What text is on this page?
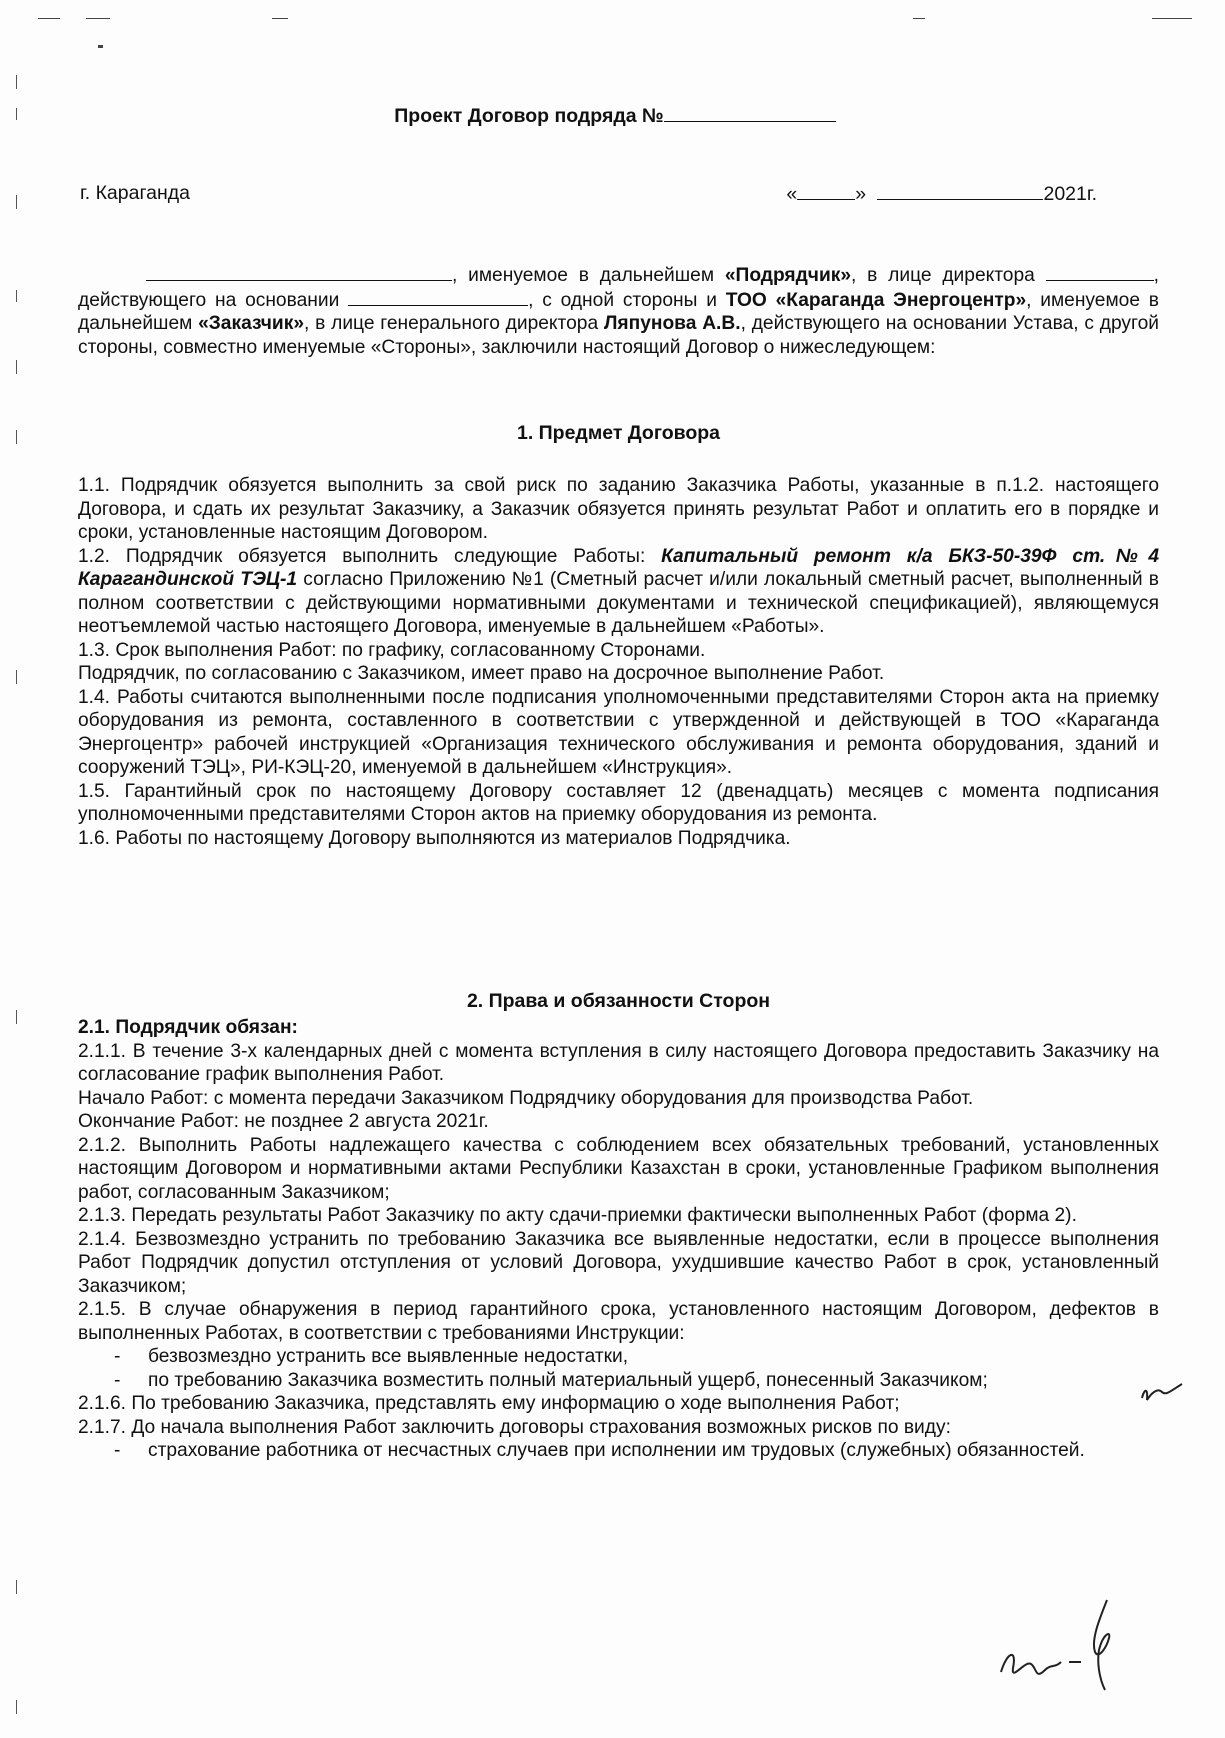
Проект Договор подряда №
г. Караганда	«	»	2021г.

, именуемое в дальнейшем «Подрядчик», в лице директора	, действующего на основании	, с одной стороны и ТОО «Караганда Энергоцентр», именуемое в дальнейшем «Заказчик», в лице генерального директора Ляпунова А.В., действующего на основании Устава, с другой стороны, совместно именуемые «Стороны», заключили настоящий Договор о нижеследующем:

1. Предмет Договора

1.1. Подрядчик обязуется выполнить за свой риск по заданию Заказчика Работы, указанные в п.1.2. настоящего Договора, и сдать их результат Заказчику, а Заказчик обязуется принять результат Работ и оплатить его в порядке и сроки, установленные настоящим Договором.

1.2. Подрядчик обязуется выполнить следующие Работы: Капитальный ремонт к/а БКЗ-50-39Ф ст.№4 Карагандинской ТЭЦ-1 согласно Приложению №1 (Сметный расчет и/или локальный сметный расчет, выполненный в полном соответствии с действующими нормативными документами и технической спецификацией), являющемуся неотъемлемой частью настоящего Договора, именуемые в дальнейшем «Работы».

1.3. Срок выполнения Работ: по графику, согласованному Сторонами.

Подрядчик, по согласованию с Заказчиком, имеет право на досрочное выполнение Работ.

1.4. Работы считаются выполненными после подписания уполномоченными представителями Сторон акта на приемку оборудования из ремонта, составленного в соответствии с утвержденной и действующей в ТОО «Караганда Энергоцентр» рабочей инструкцией «Организация технического обслуживания и ремонта оборудования, зданий и сооружений ТЭЦ», РИ-КЭЦ-20, именуемой в дальнейшем «Инструкция».

1.5. Гарантийный срок по настоящему Договору составляет 12 (двенадцать) месяцев с момента подписания уполномоченными представителями Сторон актов на приемку оборудования из ремонта.

1.6. Работы по настоящему Договору выполняются из материалов Подрядчика.

2. Права и обязанности Сторон

2.1. Подрядчик обязан:

2.1.1. В течение 3-х календарных дней с момента вступления в силу настоящего Договора предоставить Заказчику на согласование график выполнения Работ.

Начало Работ: с момента передачи Заказчиком Подрядчику оборудования для производства Работ.

Окончание Работ: не позднее 2 августа 2021г.

2.1.2. Выполнить Работы надлежащего качества с соблюдением всех обязательных требований, установленных настоящим Договором и нормативными актами Республики Казахстан в сроки, установленные Графиком выполнения работ, согласованным Заказчиком;

2.1.3. Передать результаты Работ Заказчику по акту сдачи-приемки фактически выполненных Работ (форма 2).

2.1.4. Безвозмездно устранить по требованию Заказчика все выявленные недостатки, если в процессе выполнения Работ Подрядчик допустил отступления от условий Договора, ухудшившие качество Работ в срок, установленный Заказчиком;

2.1.5. В случае обнаружения в период гарантийного срока, установленного настоящим Договором, дефектов в выполненных Работах, в соответствии с требованиями Инструкции:

-	безвозмездно устранить все выявленные недостатки,
-	по требованию Заказчика возместить полный материальный ущерб, понесенный Заказчиком;

2.1.6. По требованию Заказчика, представлять ему информацию о ходе выполнения Работ;

2.1.7. До начала выполнения Работ заключить договоры страхования возможных рисков по виду:

-	страхование работника от несчастных случаев при исполнении им трудовых (служебных) обязанностей.
